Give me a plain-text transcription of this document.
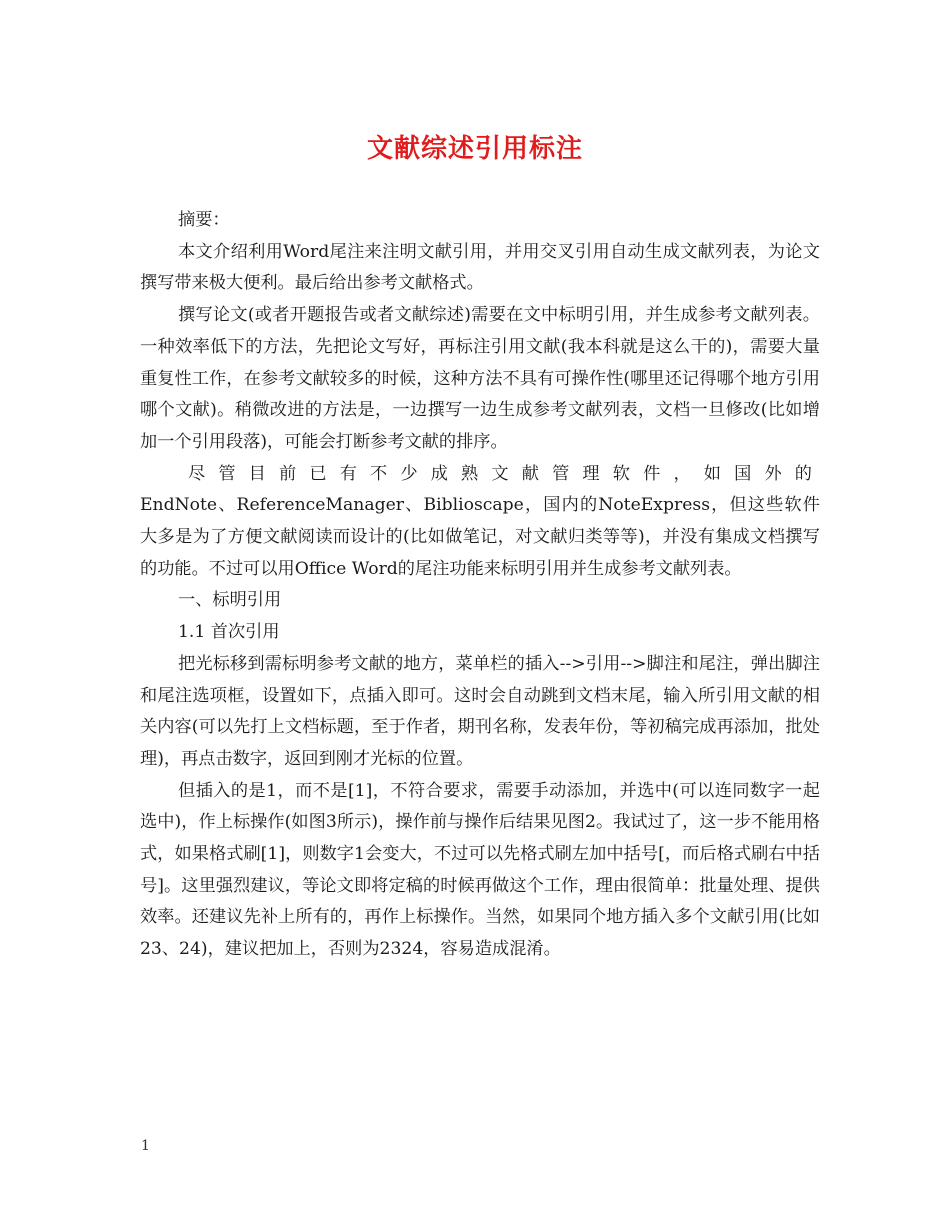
文献综述引用标注

摘要：

本文介绍利用Word尾注来注明文献引用，并用交叉引用自动生成文献列表，为论文撰写带来极大便利。最后给出参考文献格式。

撰写论文(或者开题报告或者文献综述)需要在文中标明引用，并生成参考文献列表。一种效率低下的方法，先把论文写好，再标注引用文献(我本科就是这么干的)，需要大量重复性工作，在参考文献较多的时候，这种方法不具有可操作性(哪里还记得哪个地方引用哪个文献)。稍微改进的方法是，一边撰写一边生成参考文献列表，文档一旦修改(比如增加一个引用段落)，可能会打断参考文献的排序。

尽管目前已有不少成熟文献管理软件，如国外的

EndNote、ReferenceManager、Biblioscape，国内的NoteExpress，但这些软件大多是为了方便文献阅读而设计的(比如做笔记，对文献归类等等)，并没有集成文档撰写的功能。不过可以用Office Word的尾注功能来标明引用并生成参考文献列表。

一、标明引用

1.1 首次引用

把光标移到需标明参考文献的地方，菜单栏的插入-->引用-->脚注和尾注，弹出脚注和尾注选项框，设置如下，点插入即可。这时会自动跳到文档末尾，输入所引用文献的相关内容(可以先打上文档标题，至于作者，期刊名称，发表年份，等初稿完成再添加，批处理)，再点击数字，返回到刚才光标的位置。

但插入的是1，而不是[1]，不符合要求，需要手动添加，并选中(可以连同数字一起选中)，作上标操作(如图3所示)，操作前与操作后结果见图2。我试过了，这一步不能用格式，如果格式刷[1]，则数字1会变大，不过可以先格式刷左加中括号[，而后格式刷右中括号]。这里强烈建议，等论文即将定稿的时候再做这个工作，理由很简单：批量处理、提供效率。还建议先补上所有的，再作上标操作。当然，如果同个地方插入多个文献引用(比如23、24)，建议把加上，否则为2324，容易造成混淆。

1
